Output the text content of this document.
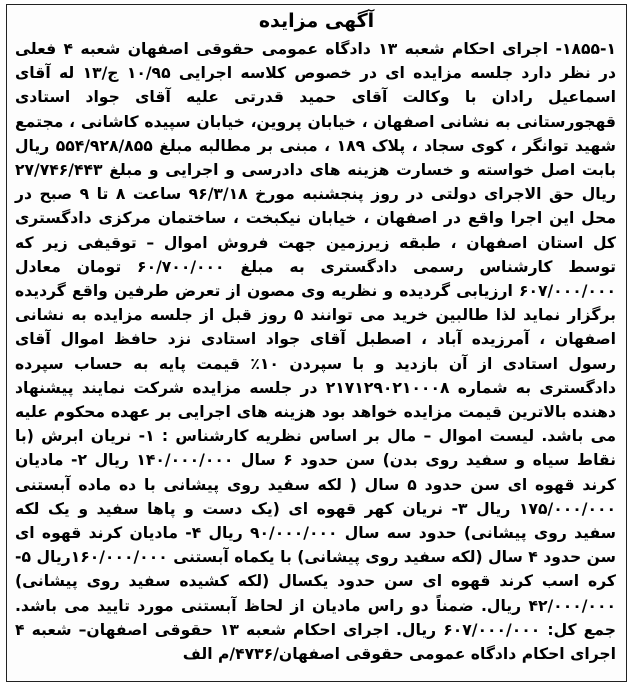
آگهی مزایده
۱۸۵۵-۱- اجرای احکام شعبه ۱۳ دادگاه عمومی حقوقی اصفهان شعبه ۴ فعلی در نظر دارد جلسه مزایده ای در خصوص کلاسه اجرایی ۱۰/۹۵ ج/۱۳ له آقای اسماعیل رادان با وکالت آقای حمید قدرتی علیه آقای جواد استادی قهجورستانی به نشانی اصفهان ، خیابان پروین، خیابان سپیده کاشانی ، مجتمع شهید توانگر ، کوی سجاد ، پلاک ۱۸۹ ، مبنی بر مطالبه مبلغ ۵۵۴/۹۲۸/۸۵۵ ریال بابت اصل خواسته و خسارت هزینه های دادرسی و اجرایی و مبلغ ۲۷/۷۴۶/۴۴۳ ریال حق الاجرای دولتی در روز پنجشنبه مورخ ۹۶/۳/۱۸ ساعت ۸ تا ۹ صبح در محل این اجرا واقع در اصفهان ، خیابان نیکبخت ، ساختمان مرکزی دادگستری کل استان اصفهان ، طبقه زیرزمین جهت فروش اموال – توقیفی زیر که توسط کارشناس رسمی دادگستری به مبلغ ۶۰/۷۰۰/۰۰۰ تومان معادل ۶۰۷/۰۰۰/۰۰۰ ارزیابی گردیده و نظریه وی مصون از تعرض طرفین واقع گردیده برگزار نماید لذا طالبین خرید می توانند ۵ روز قبل از جلسه مزایده به نشانی اصفهان ، آمرزیده آباد ، اصطبل آقای جواد استادی نزد حافظ اموال آقای رسول استادی از آن بازدید و با سپردن ۱۰٪ قیمت پایه به حساب سپرده دادگستری به شماره ۲۱۷۱۲۹۰۲۱۰۰۰۸ در جلسه مزایده شرکت نمایند پیشنهاد دهنده بالاترین قیمت مزایده خواهد بود هزینه های اجرایی بر عهده محکوم علیه می باشد. لیست اموال – مال بر اساس نظریه کارشناس : ۱- نریان ابرش (با نقاط سیاه و سفید روی بدن) سن حدود ۶ سال ۱۴۰/۰۰۰/۰۰۰ ریال ۲- مادیان کرند قهوه ای سن حدود ۵ سال ( لکه سفید روی پیشانی با ده ماده آبستنی ۱۷۵/۰۰۰/۰۰۰ ریال ۳- نریان کهر قهوه ای (یک دست و پاها سفید و یک لکه سفید روی پیشانی) حدود سه سال ۹۰/۰۰۰/۰۰۰ ریال ۴- مادیان کرند قهوه ای سن حدود ۴ سال (لکه سفید روی پیشانی) با یکماه آبستنی ۱۶۰/۰۰۰/۰۰۰ریال ۵- کره اسب کرند قهوه ای سن حدود یکسال (لکه کشیده سفید روی پیشانی) ۴۲/۰۰۰/۰۰۰ ریال. ضمناً دو راس مادیان از لحاظ آبستنی مورد تایید می باشد. جمع کل: ۶۰۷/۰۰۰/۰۰۰ ریال. اجرای احکام شعبه ۱۳ حقوقی اصفهان– شعبه ۴ اجرای احکام دادگاه عمومی حقوقی اصفهان/۴۷۳۶/م الف
